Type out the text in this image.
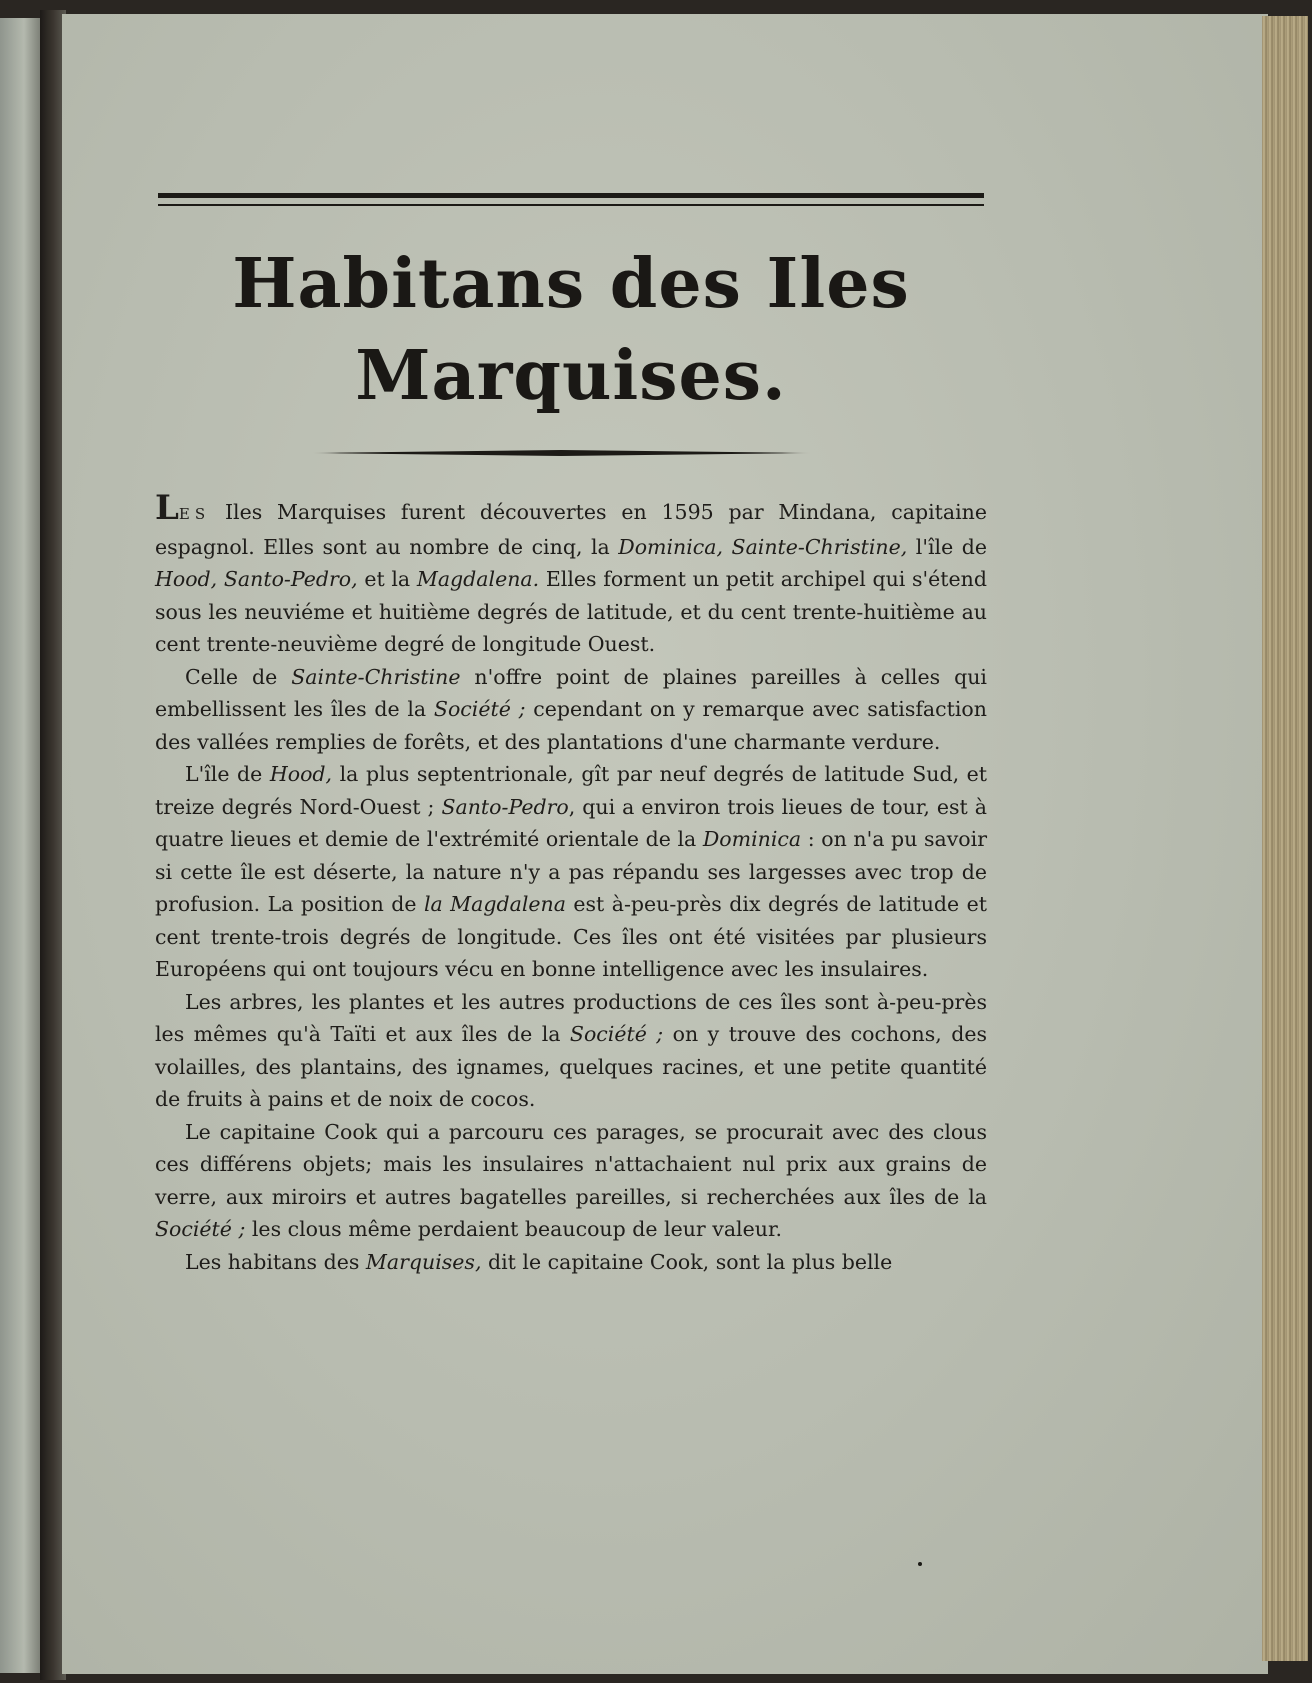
Habitans des Iles
Marquises.

LES Iles Marquises furent découvertes en 1595 par Mindana, capitaine espagnol. Elles sont au nombre de cinq, la Dominica, Sainte-Christine, l'île de Hood, Santo-Pedro, et la Magdalena. Elles forment un petit archipel qui s'étend sous les neuviéme et huitième degrés de latitude, et du cent trente-huitième au cent trente-neuvième degré de longitude Ouest.

Celle de Sainte-Christine n'offre point de plaines pareilles à celles qui embellissent les îles de la Société ; cependant on y remarque avec satisfaction des vallées remplies de forêts, et des plantations d'une charmante verdure.

L'île de Hood, la plus septentrionale, gît par neuf degrés de latitude Sud, et treize degrés Nord-Ouest ; Santo-Pedro, qui a environ trois lieues de tour, est à quatre lieues et demie de l'extrémité orientale de la Dominica : on n'a pu savoir si cette île est déserte, la nature n'y a pas répandu ses largesses avec trop de profusion. La position de la Magdalena est à-peu-près dix degrés de latitude et cent trente-trois degrés de longitude. Ces îles ont été visitées par plusieurs Européens qui ont toujours vécu en bonne intelligence avec les insulaires.

Les arbres, les plantes et les autres productions de ces îles sont à-peu-près les mêmes qu'à Taïti et aux îles de la Société ; on y trouve des cochons, des volailles, des plantains, des ignames, quelques racines, et une petite quantité de fruits à pains et de noix de cocos.

Le capitaine Cook qui a parcouru ces parages, se procurait avec des clous ces différens objets; mais les insulaires n'attachaient nul prix aux grains de verre, aux miroirs et autres bagatelles pareilles, si recherchées aux îles de la Société ; les clous même perdaient beaucoup de leur valeur.

Les habitans des Marquises, dit le capitaine Cook, sont la plus belle
